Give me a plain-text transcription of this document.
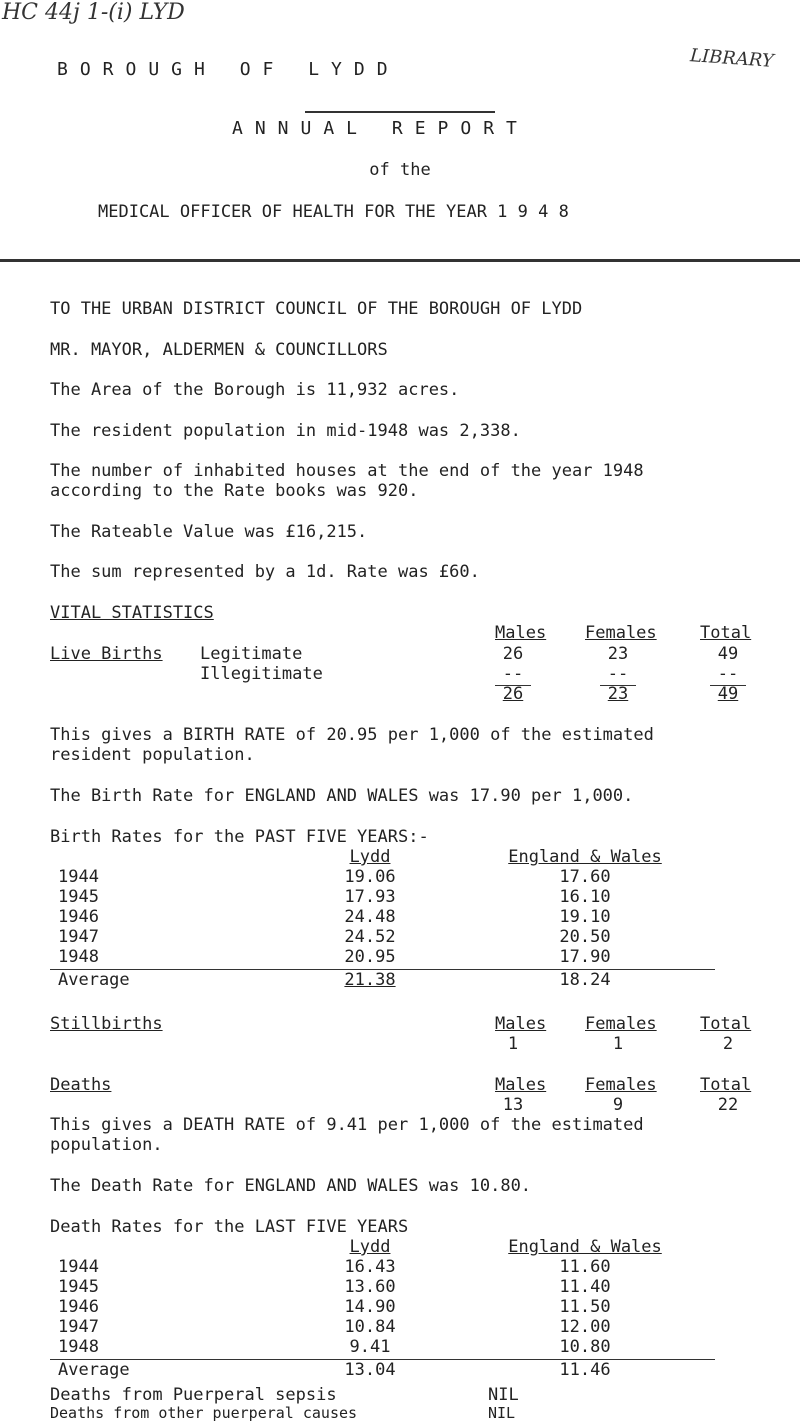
HC 44j 1-(i) LYD
LIBRARY
BOROUGH OF LYDD
ANNUAL REPORT
of the
MEDICAL OFFICER OF HEALTH FOR THE YEAR 1 9 4 8
TO THE URBAN DISTRICT COUNCIL OF THE BOROUGH OF LYDD
MR. MAYOR, ALDERMEN & COUNCILLORS
The Area of the Borough is 11,932 acres.
The resident population in mid-1948 was 2,338.
The number of inhabited houses at the end of the year 1948
according to the Rate books was 920.
The Rateable Value was £16,215.
The sum represented by a 1d. Rate was £60.
VITAL STATISTICS
Males Females	Total
Live Births Legitimate	26	23	49
Illegitimate	--	--	--
26	23	49
This gives a BIRTH RATE of 20.95 per 1,000 of the estimated
resident population.
The Birth Rate for ENGLAND AND WALES was 17.90 per 1,000.
Birth Rates for the PAST FIVE YEARS:-
Lydd	England & Wales
1944	19.06	17.60
1945	17.93	16.10
1946	24.48	19.10
1947	24.52	20.50
1948	20.95	17.90
Average	21.38	18.24
Stillbirths	Males Females	Total
1	1	2
Deaths	Males Females	Total
13	9	22
This gives a DEATH RATE of 9.41 per 1,000 of the estimated
population.
The Death Rate for ENGLAND AND WALES was 10.80.
Death Rates for the LAST FIVE YEARS
Lydd	England & Wales
1944	16.43	11.60
1945	13.60	11.40
1946	14.90	11.50
1947	10.84	12.00
1948	9.41	10.80
Average	13.04	11.46
Deaths from Puerperal sepsis	NIL
Deaths from other puerperal causes	NIL
